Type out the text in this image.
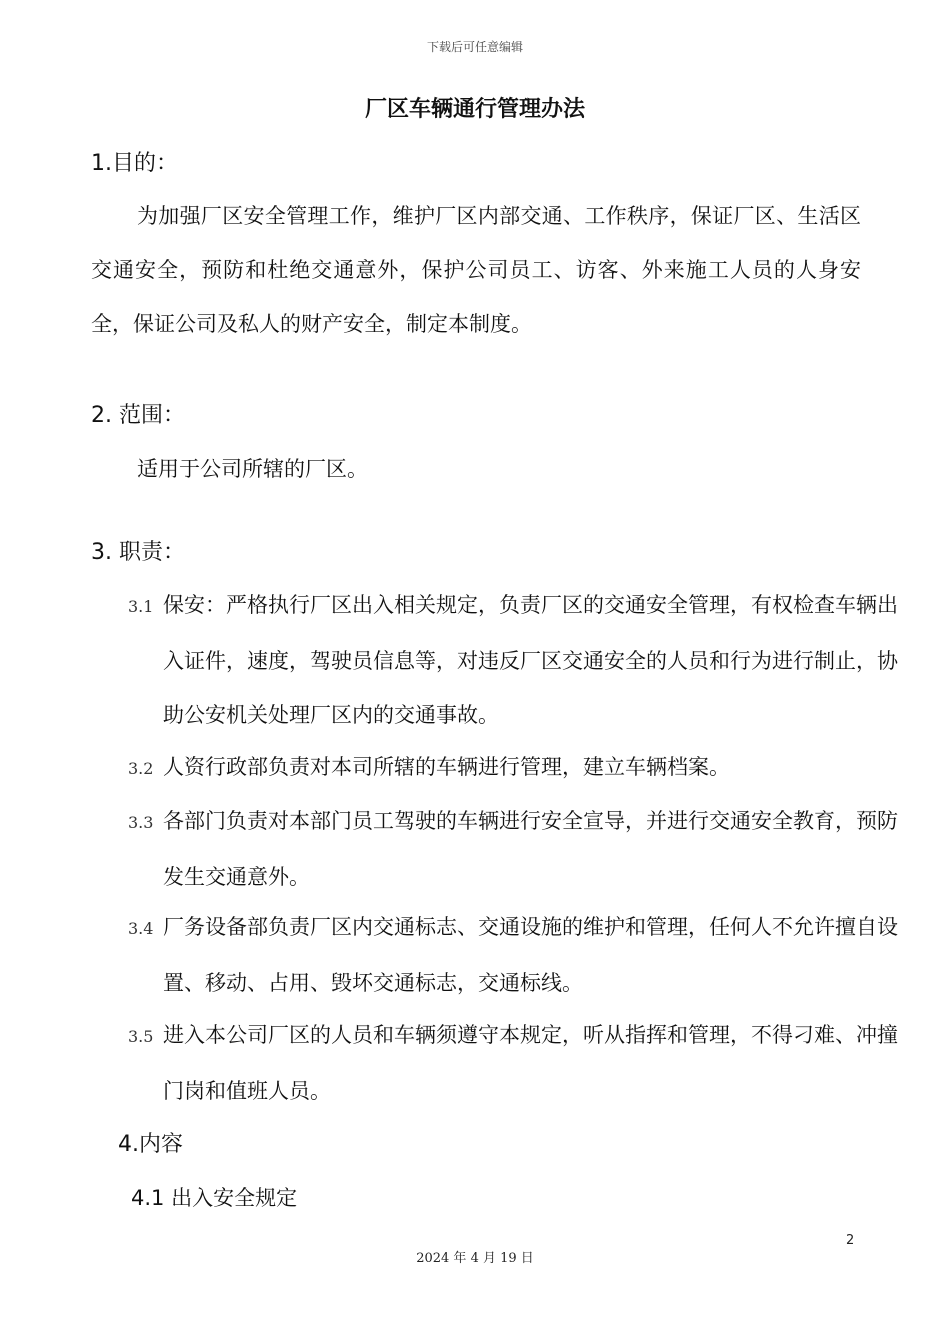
下载后可任意编辑
厂区车辆通行管理办法
1.目的：
为加强厂区安全管理工作，维护厂区内部交通、工作秩序，保证厂区、生活区交通安全，预防和杜绝交通意外，保护公司员工、访客、外来施工人员的人身安全，保证公司及私人的财产安全，制定本制度。
2. 范围：
适用于公司所辖的厂区。
3. 职责：
3.1 保安：严格执行厂区出入相关规定，负责厂区的交通安全管理，有权检查车辆出入证件，速度，驾驶员信息等，对违反厂区交通安全的人员和行为进行制止，协助公安机关处理厂区内的交通事故。
3.2 人资行政部负责对本司所辖的车辆进行管理，建立车辆档案。
3.3 各部门负责对本部门员工驾驶的车辆进行安全宣导，并进行交通安全教育，预防发生交通意外。
3.4 厂务设备部负责厂区内交通标志、交通设施的维护和管理，任何人不允许擅自设置、移动、占用、毁坏交通标志，交通标线。
3.5 进入本公司厂区的人员和车辆须遵守本规定，听从指挥和管理，不得刁难、冲撞门岗和值班人员。
4.内容
4.1 出入安全规定
2
2024 年 4 月 19 日
